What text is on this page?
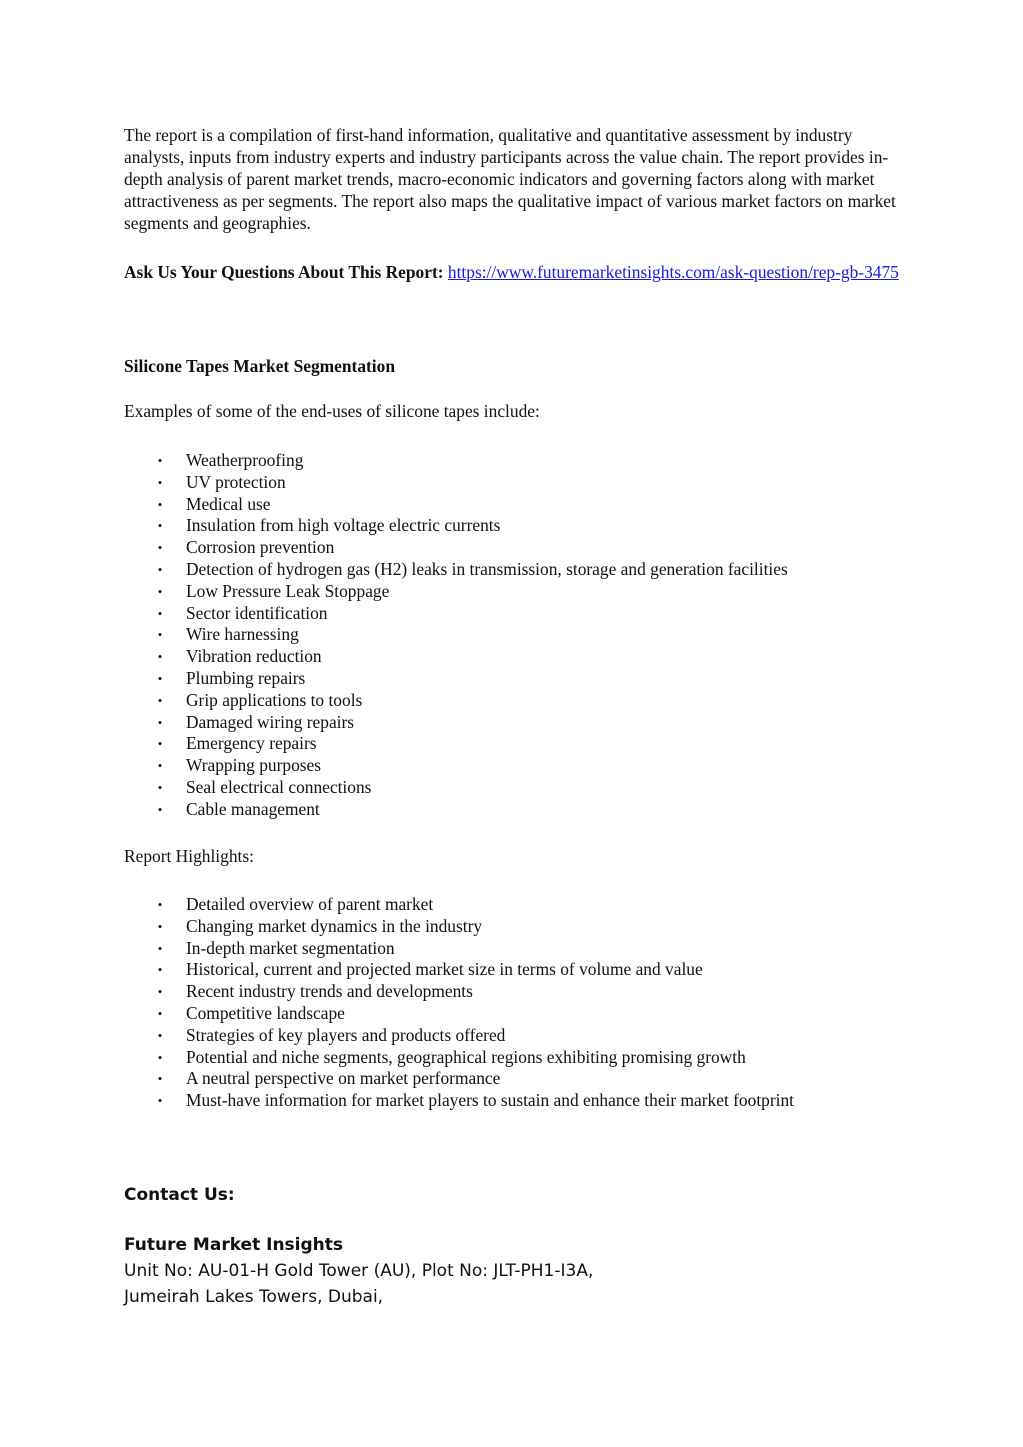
The report is a compilation of first-hand information, qualitative and quantitative assessment by industry analysts, inputs from industry experts and industry participants across the value chain. The report provides in-depth analysis of parent market trends, macro-economic indicators and governing factors along with market attractiveness as per segments. The report also maps the qualitative impact of various market factors on market segments and geographies.

Ask Us Your Questions About This Report: https://www.futuremarketinsights.com/ask-question/rep-gb-3475

Silicone Tapes Market Segmentation

Examples of some of the end-uses of silicone tapes include:
• Weatherproofing
• UV protection
• Medical use
• Insulation from high voltage electric currents
• Corrosion prevention
• Detection of hydrogen gas (H2) leaks in transmission, storage and generation facilities
• Low Pressure Leak Stoppage
• Sector identification
• Wire harnessing
• Vibration reduction
• Plumbing repairs
• Grip applications to tools
• Damaged wiring repairs
• Emergency repairs
• Wrapping purposes
• Seal electrical connections
• Cable management
Report Highlights:
• Detailed overview of parent market
• Changing market dynamics in the industry
• In-depth market segmentation
• Historical, current and projected market size in terms of volume and value
• Recent industry trends and developments
• Competitive landscape
• Strategies of key players and products offered
• Potential and niche segments, geographical regions exhibiting promising growth
• A neutral perspective on market performance
• Must-have information for market players to sustain and enhance their market footprint
Contact Us:
Future Market Insights
Unit No: AU-01-H Gold Tower (AU), Plot No: JLT-PH1-I3A,
Jumeirah Lakes Towers, Dubai,
